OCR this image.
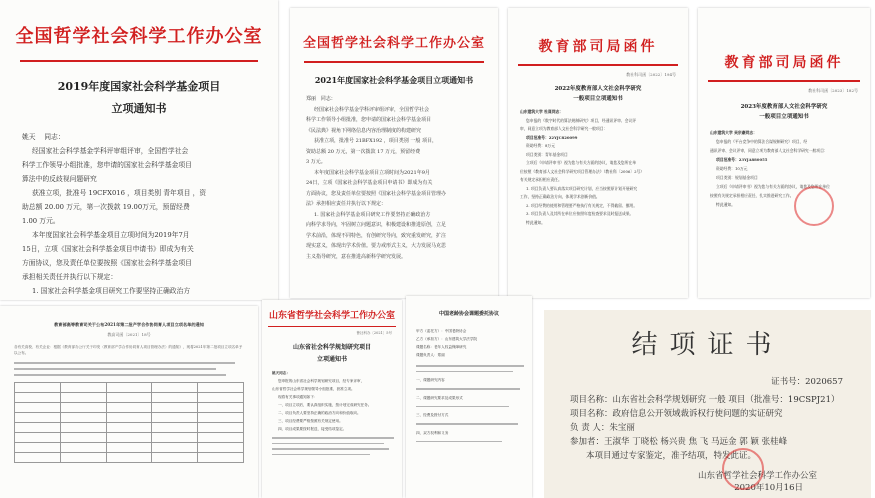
全国哲学社会科学工作办公室
2019年度国家社会科学基金项目
立项通知书

姚天 同志：

经国家社会科学基金学科评审组评审，全国哲学社会

科学工作领导小组批准，您申请的国家社会科学基金项目

算法中的反歧视问题研究

获准立项，批准号 19CFX016 ，项目类别 青年项目 ，资

助总额 20.00 万元，第一次拨款 19.00万元，预留经费

1.00 万元。

本年度国家社会科学基金项目立项时间为2019年7月

15日，立项《国家社会科学基金项目申请书》即成为有关

方面协议，您及责任单位要按照《国家社会科学基金项目

承担相关责任并执行以下规定：

1. 国家社会科学基金项目研究工作要坚持正确政治方

全国哲学社会科学工作办公室
2021年度国家社会科学基金项目立项通知书

郑丽 同志：

经国家社会科学基金学科评审组评审，全国哲学社会

科学工作领导小组批准，您申请的国家社会科学基金项目

《民法典》视角下网络信息内容治理制度的构建研究

获准立项，批准号 21BFX192 ，项目类别 一般 项目，

资助总额 20 万元，第一次拨款 17 万元，预留经费

3 万元。

本年度国家社会科学基金项目立项时间为2021年9月

24日，立项《国家社会科学基金项目申请书》即成为有关

方面协议，您及责任单位要按照《国家社会科学基金项目管理办

法》承担相应责任并执行以下规定：

1. 国家社会科学基金项目研究工作要坚持正确政治方

向科学求导向，牢固树立问题意识，积极建设和推进原创，立足

学术前沿，体现不同特色，有创研究导向，致究重发研究，扩注

现实意义，体现出学术价值。要力戒形式主义，大力发展马克思

主义指导研究，意在推进高新科学研究发展。

教育部司局函件
教社科司函〔2022〕194号
2022年度教育部人文社会科学研究
一般项目立项通知书

山东建筑大学 杜谋同志：

您申报的《数字时代的算法规制研究》项目，经通讯评审、会议评

审，同意立项为教育部人文社会科学研究一般项目：

项目批准号：22YJC820099

资助经费：8万元

项目类别：青年基金项目

立项后《申请评审书》视为您与有关方面的协议，请您及您所在单

位按照《教育部人文社会科学研究项目管理办法》（教社科〔2006〕2号）

有关规定承担相应责任。

1. 项目负责人要认真落实项目研究计划，应当按照原计划开展研究

工作，坚持正确政治方向，体现学术创新价值。

2. 项目经费的使用和管理要严格执行有关规定，不得截留、挪用。

3. 项目负责人及其所在单位应按照年度检查要求及时报送成果。

特此通知。

教育部司局函件
教社科司函〔2023〕182号
2023年度教育部人文社会科学研究
一般项目立项通知书

山东建筑大学 吴宗豪同志：

您申报的《平台竞争中的算法合谋规制研究》项目，经

通讯评审、会议评审，同意立项为教育部人文社会科学研究一般项目：

项目批准号：23YJA880055

资助经费：10万元

项目类别：规划基金项目

立项后《申请评审书》视为您与有关方面的协议，请您及您所在单位

按照有关规定承担相应责任，扎实推进研究工作。

特此通知。

教育部高等教育司关于公布2021年第二批产学合作协同育人项目立项名单的通知
教高司函〔2021〕18号

各有关高校、有关企业：根据《教育部办公厅关于印发〈教育部产学合作协同育人项目管理办法〉的通知》，现将2021年第二批项目立项名单予以公布。

山东省哲学社会科学工作办公室
鲁社科办〔2021〕5号
山东省社会科学规划研究项目
立项通知书

姚天同志：

您申报的山东省社会科学规划研究项目，经专家评审，

山东省哲学社会科学规划领导小组批准，获准立项。

现将有关事项通知如下：

一、项目立项后，要认真组织实施，按计划完成研究任务。

二、项目负责人要坚持正确的政治方向和价值取向。

三、项目经费要严格按照有关规定使用。

四、项目成果要按时报送，接受结项鉴定。

中国老龄协会课题委托协议

甲方（委托方）：中国老龄协会

乙方（承担方）：山东建筑大学法学院

课题名称：老年人权益保障研究

课题负责人：郑丽

一、课题研究内容

二、课题研究要求及成果形式

三、经费及拨付方式

四、双方权利和义务

结项证书

证书号：2020657

项目名称：山东省社会科学规划研究 一般 项目（批准号：19CSPJ21）

项目名称：政府信息公开领域裁诉权行使问题的实证研究

负 责 人：朱宝丽

参加者：王淑华 丁晓松 杨兴贵 焦 飞 马远金 郭 颖 张桂峰

本项目通过专家鉴定，准予结项，特发此证。

山东省哲学社会科学工作办公室

2020年10月16日
